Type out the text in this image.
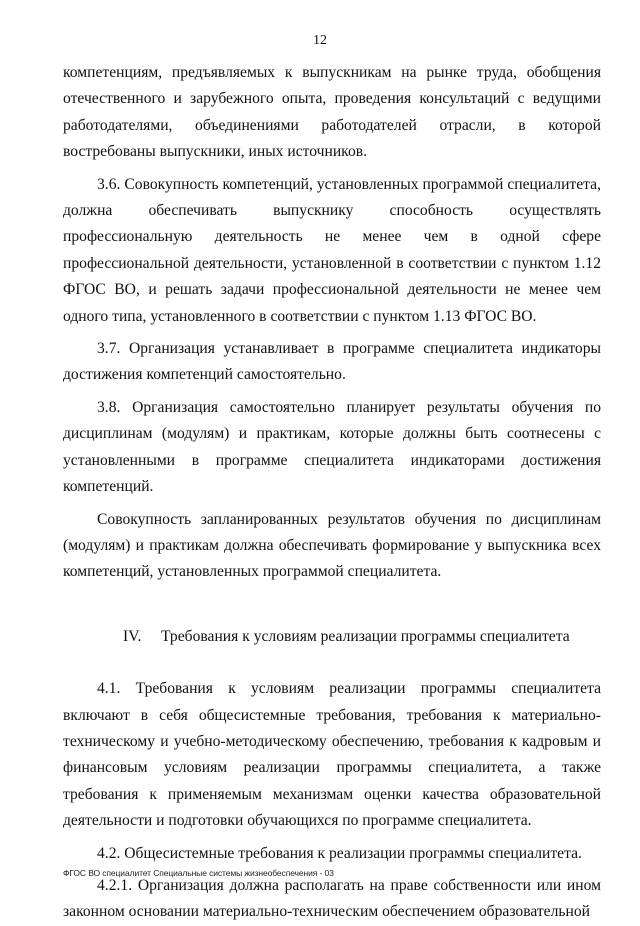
12

компетенциям, предъявляемых к выпускникам на рынке труда, обобщения отечественного и зарубежного опыта, проведения консультаций с ведущими работодателями, объединениями работодателей отрасли, в которой востребованы выпускники, иных источников.

3.6. Совокупность компетенций, установленных программой специалитета, должна обеспечивать выпускнику способность осуществлять профессиональную деятельность не менее чем в одной сфере профессиональной деятельности, установленной в соответствии с пунктом 1.12 ФГОС ВО, и решать задачи профессиональной деятельности не менее чем одного типа, установленного в соответствии с пунктом 1.13 ФГОС ВО.

3.7. Организация устанавливает в программе специалитета индикаторы достижения компетенций самостоятельно.

3.8. Организация самостоятельно планирует результаты обучения по дисциплинам (модулям) и практикам, которые должны быть соотнесены с установленными в программе специалитета индикаторами достижения компетенций.

Совокупность запланированных результатов обучения по дисциплинам (модулям) и практикам должна обеспечивать формирование у выпускника всех компетенций, установленных программой специалитета.

IV. Требования к условиям реализации программы специалитета

4.1. Требования к условиям реализации программы специалитета включают в себя общесистемные требования, требования к материально-техническому и учебно-методическому обеспечению, требования к кадровым и финансовым условиям реализации программы специалитета, а также требования к применяемым механизмам оценки качества образовательной деятельности и подготовки обучающихся по программе специалитета.

4.2. Общесистемные требования к реализации программы специалитета.

4.2.1. Организация должна располагать на праве собственности или ином законном основании материально-техническим обеспечением образовательной

ФГОС ВО специалитет Специальные системы жизнеобеспечения - 03
